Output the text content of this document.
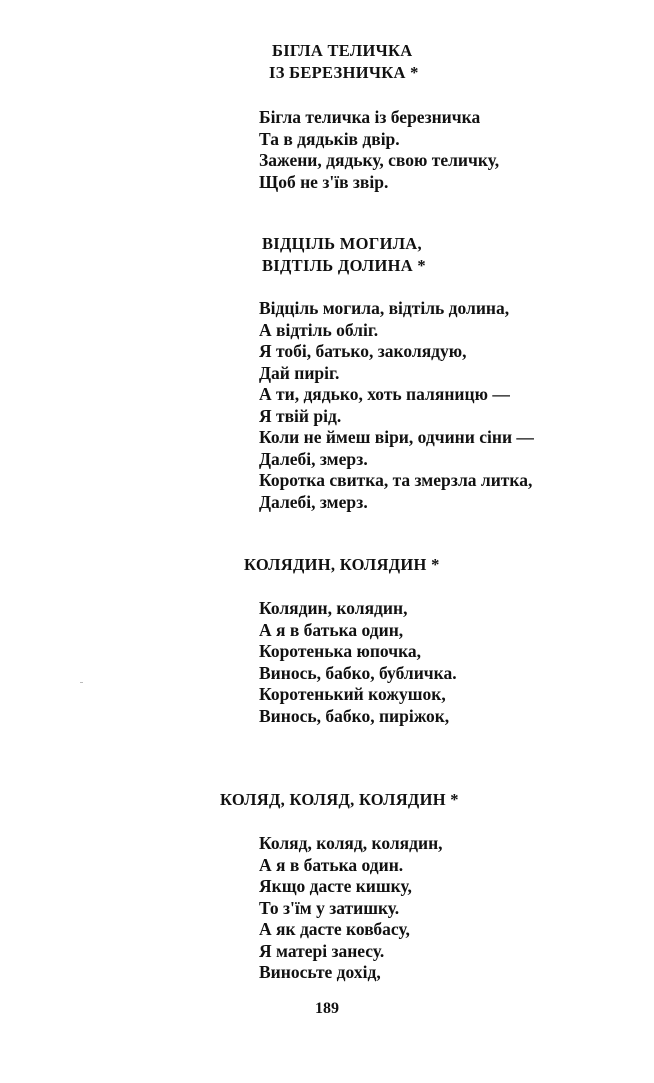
БІГЛА ТЕЛИЧКА
ІЗ БЕРЕЗНИЧКА *
Бігла теличка із березничка
Та в дядьків двір.
Зажени, дядьку, свою теличку,
Щоб не з'їв звір.
ВІДЦІЛЬ МОГИЛА,
ВІДТІЛЬ ДОЛИНА *
Відціль могила, відтіль долина,
А відтіль обліг.
Я тобі, батько, заколядую,
Дай пиріг.
А ти, дядько, хоть паляницю —
Я твій рід.
Коли не ймеш віри, одчини сіни —
Далебі, змерз.
Коротка свитка, та змерзла литка,
Далебі, змерз.
КОЛЯДИН, КОЛЯДИН *
Колядин, колядин,
А я в батька один,
Коротенька юпочка,
Винось, бабко, бубличка.
Коротенький кожушок,
Винось, бабко, пиріжок,
КОЛЯД, КОЛЯД, КОЛЯДИН *
Коляд, коляд, колядин,
А я в батька один.
Якщо дасте кишку,
То з'їм у затишку.
А як дасте ковбасу,
Я матері занесу.
Виносьте дохід,
189
